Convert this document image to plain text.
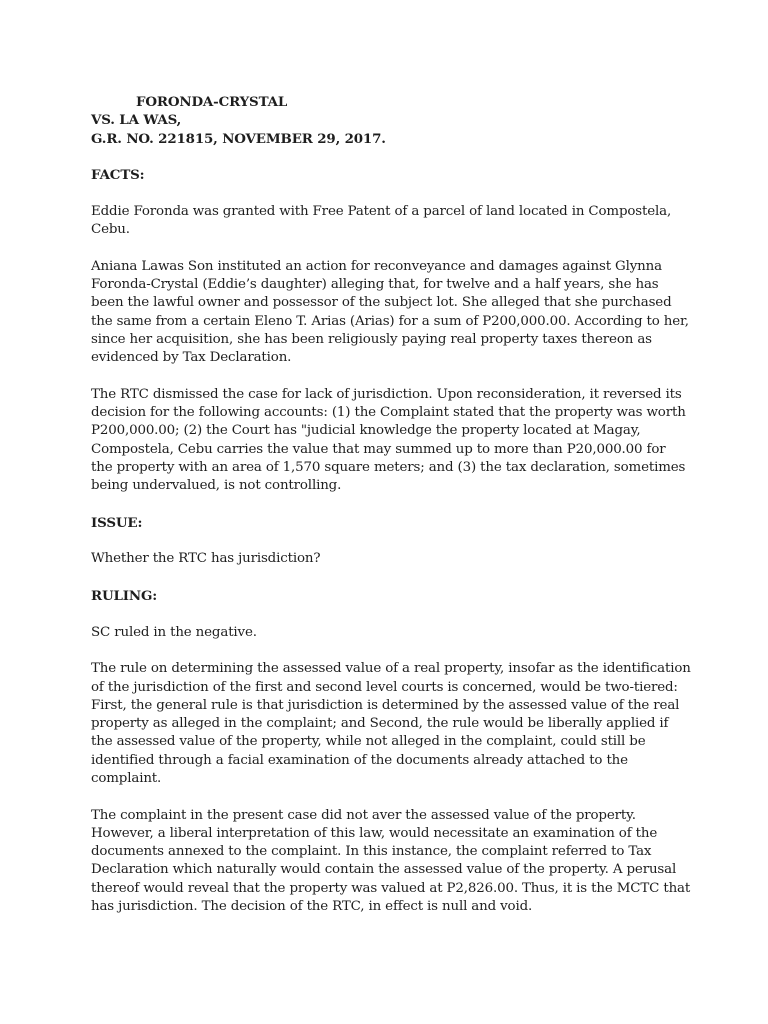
FORONDA-CRYSTAL
VS. LA WAS,
G.R. NO. 221815, NOVEMBER 29, 2017.
FACTS:

Eddie Foronda was granted with Free Patent of a parcel of land located in Compostela, Cebu.

Aniana Lawas Son instituted an action for reconveyance and damages against Glynna Foronda-Crystal (Eddie’s daughter) alleging that, for twelve and a half years, she has been the lawful owner and possessor of the subject lot. She alleged that she purchased the same from a certain Eleno T. Arias (Arias) for a sum of P200,000.00. According to her, since her acquisition, she has been religiously paying real property taxes thereon as evidenced by Tax Declaration.

The RTC dismissed the case for lack of jurisdiction. Upon reconsideration, it reversed its decision for the following accounts: (1) the Complaint stated that the property was worth P200,000.00; (2) the Court has "judicial knowledge the property located at Magay, Compostela, Cebu carries the value that may summed up to more than P20,000.00 for the property with an area of 1,570 square meters; and (3) the tax declaration, sometimes being undervalued, is not controlling.

ISSUE:

Whether the RTC has jurisdiction?

RULING:

SC ruled in the negative.

The rule on determining the assessed value of a real property, insofar as the identification of the jurisdiction of the first and second level courts is concerned, would be two-tiered: First, the general rule is that jurisdiction is determined by the assessed value of the real property as alleged in the complaint; and Second, the rule would be liberally applied if the assessed value of the property, while not alleged in the complaint, could still be identified through a facial examination of the documents already attached to the complaint.

The complaint in the present case did not aver the assessed value of the property. However, a liberal interpretation of this law, would necessitate an examination of the documents annexed to the complaint. In this instance, the complaint referred to Tax Declaration which naturally would contain the assessed value of the property. A perusal thereof would reveal that the property was valued at P2,826.00. Thus, it is the MCTC that has jurisdiction. The decision of the RTC, in effect is null and void.
